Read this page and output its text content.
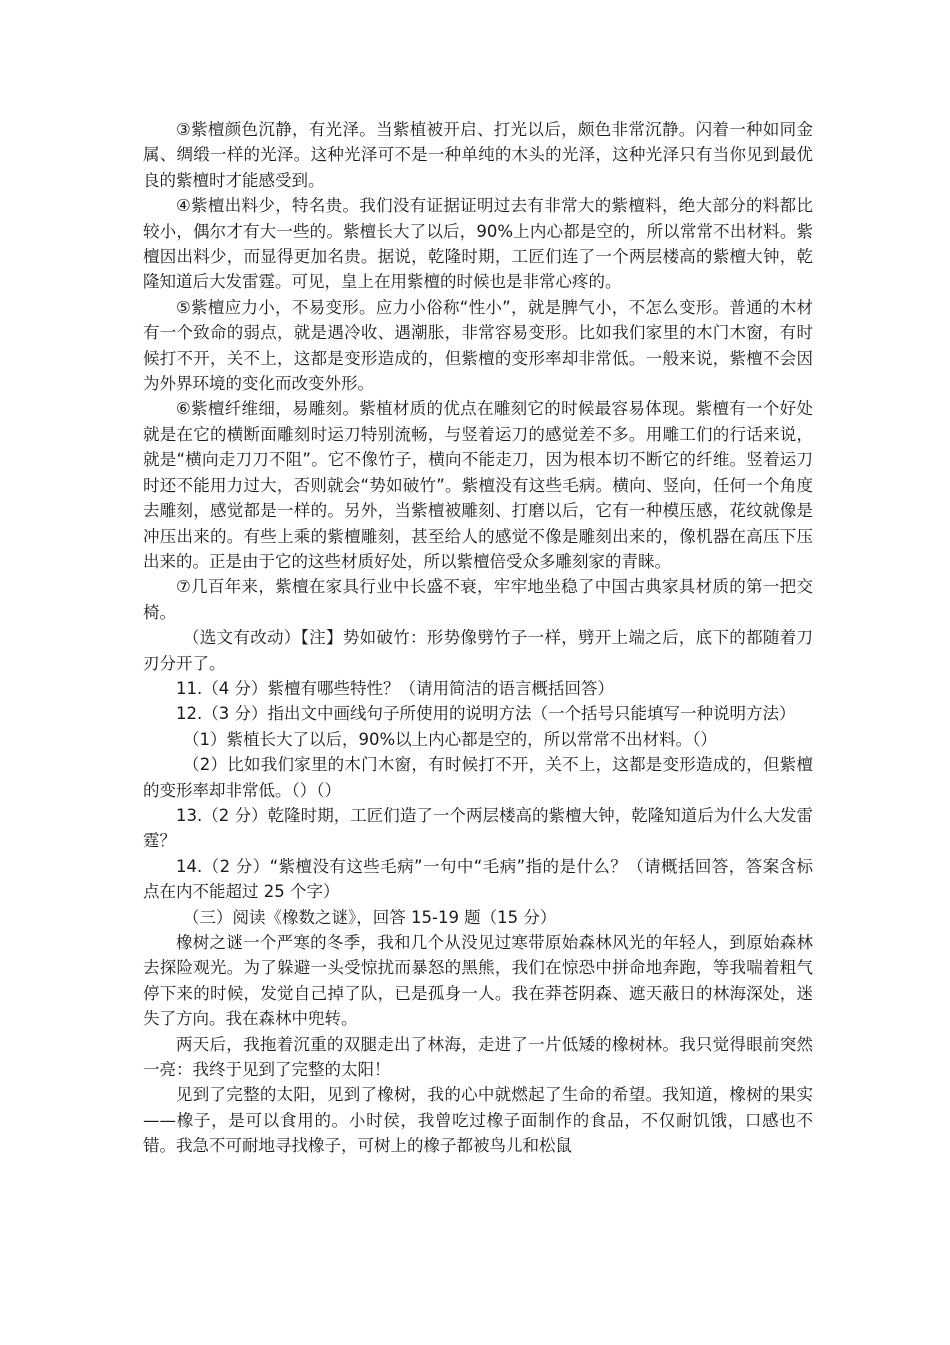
③紫檀颜色沉静，有光泽。当紫植被开启、打光以后，颇色非常沉静。闪着一种如同金属、绸缎一样的光泽。这种光泽可不是一种单纯的木头的光泽，这种光泽只有当你见到最优良的紫檀时才能感受到。

④紫檀出料少，特名贵。我们没有证据证明过去有非常大的紫檀料，绝大部分的料都比较小，偶尔才有大一些的。紫檀长大了以后，90%上内心都是空的，所以常常不出材料。紫檀因出料少，而显得更加名贵。据说，乾隆时期，工匠们连了一个两层楼高的紫檀大钟，乾隆知道后大发雷霆。可见，皇上在用紫檀的时候也是非常心疼的。

⑤紫檀应力小，不易变形。应力小俗称“性小”，就是脾气小，不怎么变形。普通的木材有一个致命的弱点，就是遇冷收、遇潮胀，非常容易变形。比如我们家里的木门木窗，有时候打不开，关不上，这都是变形造成的，但紫檀的变形率却非常低。一般来说，紫檀不会因为外界环境的变化而改变外形。

⑥紫檀纤维细，易雕刻。紫植材质的优点在雕刻它的时候最容易体现。紫檀有一个好处就是在它的横断面雕刻时运刀特别流畅，与竖着运刀的感觉差不多。用雕工们的行话来说，就是“横向走刀刀不阻”。它不像竹子，横向不能走刀，因为根本切不断它的纤维。竖着运刀时还不能用力过大，否则就会“势如破竹”。紫檀没有这些毛病。横向、竖向，任何一个角度去雕刻，感觉都是一样的。另外，当紫檀被雕刻、打磨以后，它有一种模压感，花纹就像是冲压出来的。有些上乘的紫檀雕刻，甚至给人的感觉不像是雕刻出来的，像机器在高压下压出来的。正是由于它的这些材质好处，所以紫檀倍受众多雕刻家的青睐。

⑦几百年来，紫檀在家具行业中长盛不衰，牢牢地坐稳了中国古典家具材质的第一把交椅。

（选文有改动）【注】势如破竹：形势像劈竹子一样，劈开上端之后，底下的都随着刀刃分开了。

11.（4 分）紫檀有哪些特性？（请用简洁的语言概括回答）

12.（3 分）指出文中画线句子所使用的说明方法（一个括号只能填写一种说明方法）

（1）紫植长大了以后，90%以上内心都是空的，所以常常不出材料。（）

（2）比如我们家里的木门木窗，有时候打不开，关不上，这都是变形造成的，但紫檀的变形率却非常低。（）（）

13.（2 分）乾隆时期，工匠们造了一个两层楼高的紫檀大钟，乾隆知道后为什么大发雷霆？

14.（2 分）“紫檀没有这些毛病”一句中“毛病”指的是什么？（请概括回答，答案含标点在内不能超过 25 个字）

（三）阅读《橡数之谜》，回答 15-19 题（15 分）

橡树之谜一个严寒的冬季，我和几个从没见过寒带原始森林风光的年轻人，到原始森林去探险观光。为了躲避一头受惊扰而暴怒的黑熊，我们在惊恐中拼命地奔跑，等我喘着粗气停下来的时候，发觉自己掉了队，已是孤身一人。我在莽苍阴森、遮天蔽日的林海深处，迷失了方向。我在森林中兜转。

两天后，我拖着沉重的双腿走出了林海，走进了一片低矮的橡树林。我只觉得眼前突然一亮：我终于见到了完整的太阳！

见到了完整的太阳，见到了橡树，我的心中就燃起了生命的希望。我知道，橡树的果实——橡子，是可以食用的。小时侯，我曾吃过橡子面制作的食品，不仅耐饥饿，口感也不错。我急不可耐地寻找橡子，可树上的橡子都被鸟儿和松鼠
